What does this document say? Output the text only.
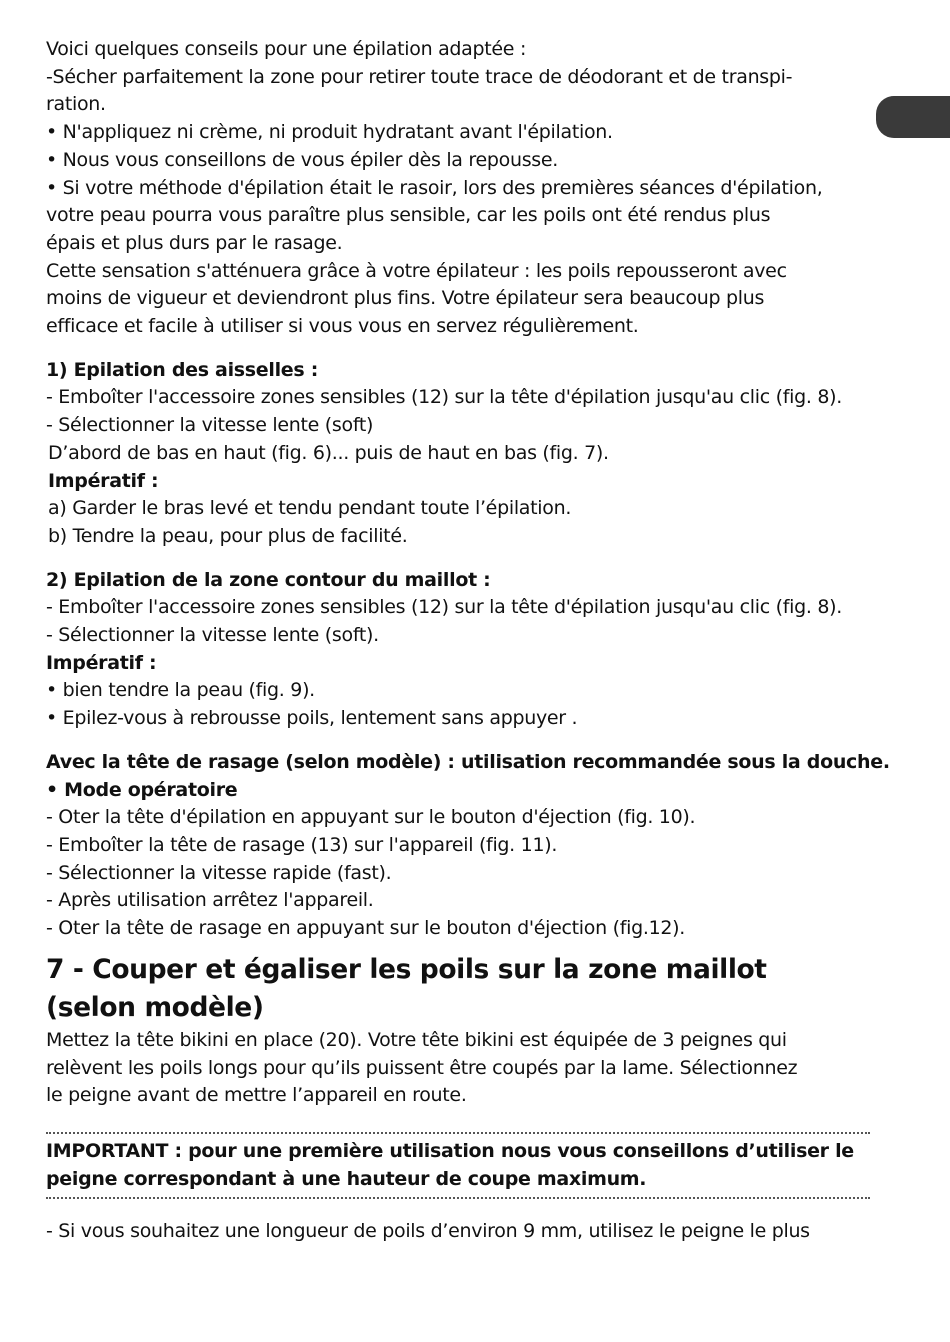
Voici quelques conseils pour une épilation adaptée :

-Sécher parfaitement la zone pour retirer toute trace de déodorant et de transpi-

ration.

• N'appliquez ni crème, ni produit hydratant avant l'épilation.

• Nous vous conseillons de vous épiler dès la repousse.

• Si votre méthode d'épilation était le rasoir, lors des premières séances d'épilation,

votre peau pourra vous paraître plus sensible, car les poils ont été rendus plus

épais et plus durs par le rasage.

Cette sensation s'atténuera grâce à votre épilateur : les poils repousseront avec

moins de vigueur et deviendront plus fins. Votre épilateur sera beaucoup plus

efficace et facile à utiliser si vous vous en servez régulièrement.

1) Epilation des aisselles :

- Emboîter l'accessoire zones sensibles (12) sur la tête d'épilation jusqu'au clic (fig. 8).

- Sélectionner la vitesse lente (soft)

D’abord de bas en haut (fig. 6)... puis de haut en bas (fig. 7).

Impératif :

a) Garder le bras levé et tendu pendant toute l’épilation.

b) Tendre la peau, pour plus de facilité.

2) Epilation de la zone contour du maillot :

- Emboîter l'accessoire zones sensibles (12) sur la tête d'épilation jusqu'au clic (fig. 8).

- Sélectionner la vitesse lente (soft).

Impératif :

• bien tendre la peau (fig. 9).

• Epilez-vous à rebrousse poils, lentement sans appuyer .

Avec la tête de rasage (selon modèle) : utilisation recommandée sous la douche.

• Mode opératoire

- Oter la tête d'épilation en appuyant sur le bouton d'éjection (fig. 10).

- Emboîter la tête de rasage (13) sur l'appareil (fig. 11).

- Sélectionner la vitesse rapide (fast).

- Après utilisation arrêtez l'appareil.

- Oter la tête de rasage en appuyant sur le bouton d'éjection (fig.12).

7 - Couper et égaliser les poils sur la zone maillot
(selon modèle)

Mettez la tête bikini en place (20). Votre tête bikini est équipée de 3 peignes qui

relèvent les poils longs pour qu’ils puissent être coupés par la lame. Sélectionnez

le peigne avant de mettre l’appareil en route.

IMPORTANT : pour une première utilisation nous vous conseillons d’utiliser le

peigne correspondant à une hauteur de coupe maximum.

- Si vous souhaitez une longueur de poils d’environ 9 mm, utilisez le peigne le plus
